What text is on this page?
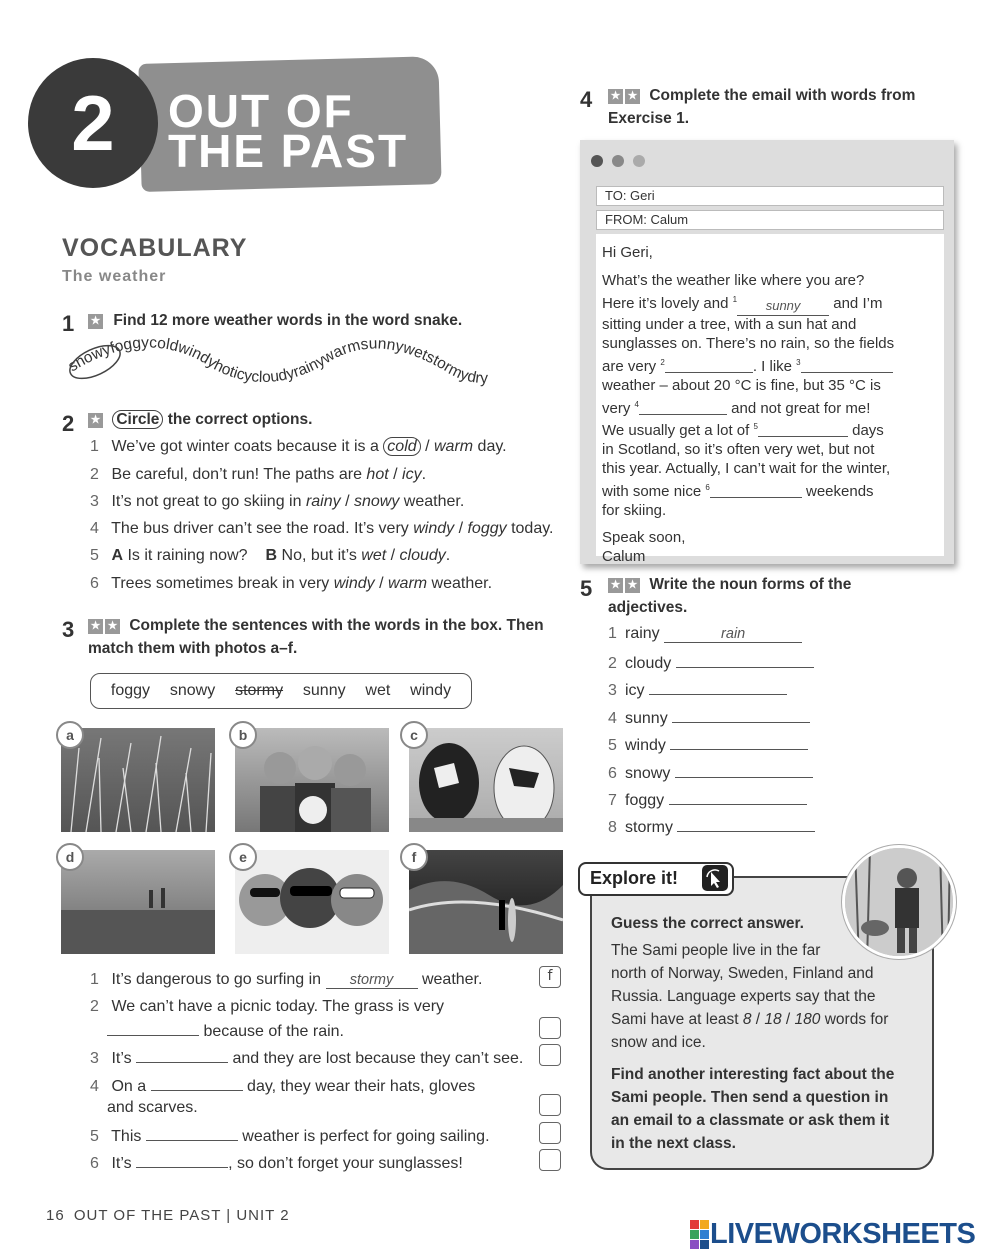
2	OUT OF
THE PAST
VOCABULARY
The weather
1 ★ Find 12 more weather words in the word snake.
snowyfoggycoldwindyhoticycloudyrainywarmsunnywetstormydry
2 ★ Circle the correct options.
1 We’ve got winter coats because it is a cold / warm day.
2 Be careful, don’t run! The paths are hot / icy.
3 It’s not great to go skiing in rainy / snowy weather.
4 The bus driver can’t see the road. It’s very windy / foggy today.
5 A Is it raining now? B No, but it’s wet / cloudy.
6 Trees sometimes break in very windy / warm weather.
3 ★ ★ Complete the sentences with the words in the box. Then
match them with photos a–f.
foggy snowy stormy sunny wet windy
a	b	c
d	e	f
1 It’s dangerous to go surfing in stormy weather.	f
2 We can’t have a picnic today. The grass is very
because of the rain.
3 It’s	and they are lost because they can’t see.
4 On a	day, they wear their hats, gloves
and scarves.
5 This	weather is perfect for going sailing.
6 It’s	, so don’t forget your sunglasses!
4 ★ ★ Complete the email with words from
Exercise 1.
TO: Geri
FROM: Calum

Hi Geri,

What’s the weather like where you are?
Here it’s lovely and $^1$ sunny and I’m
sitting under a tree, with a sun hat and
sunglasses on. There’s no rain, so the fields
are very $^2$	. I like $^3$
weather – about 20 °C is fine, but 35 °C is
very $^4$	and not great for me!
We usually get a lot of $^5$	days
in Scotland, so it’s often very wet, but not
this year. Actually, I can’t wait for the winter,
with some nice $^6$	weekends

for skiing.

Speak soon,
Calum
5 ★ ★ Write the noun forms of the
adjectives.
1 rainy	rain
2 cloudy
3 icy
4 sunny
5 windy
6 snowy
7 foggy
8 stormy
Explore it!
Guess the correct answer.
The Sami people live in the far
north of Norway, Sweden, Finland and
Russia. Language experts say that the
Sami have at least 8 / 18 / 180 words for
snow and ice.
Find another interesting fact about the
Sami people. Then send a question in
an email to a classmate or ask them it
in the next class.
16 OUT OF THE PAST | UNIT 2
LIVEWORKSHEETS
